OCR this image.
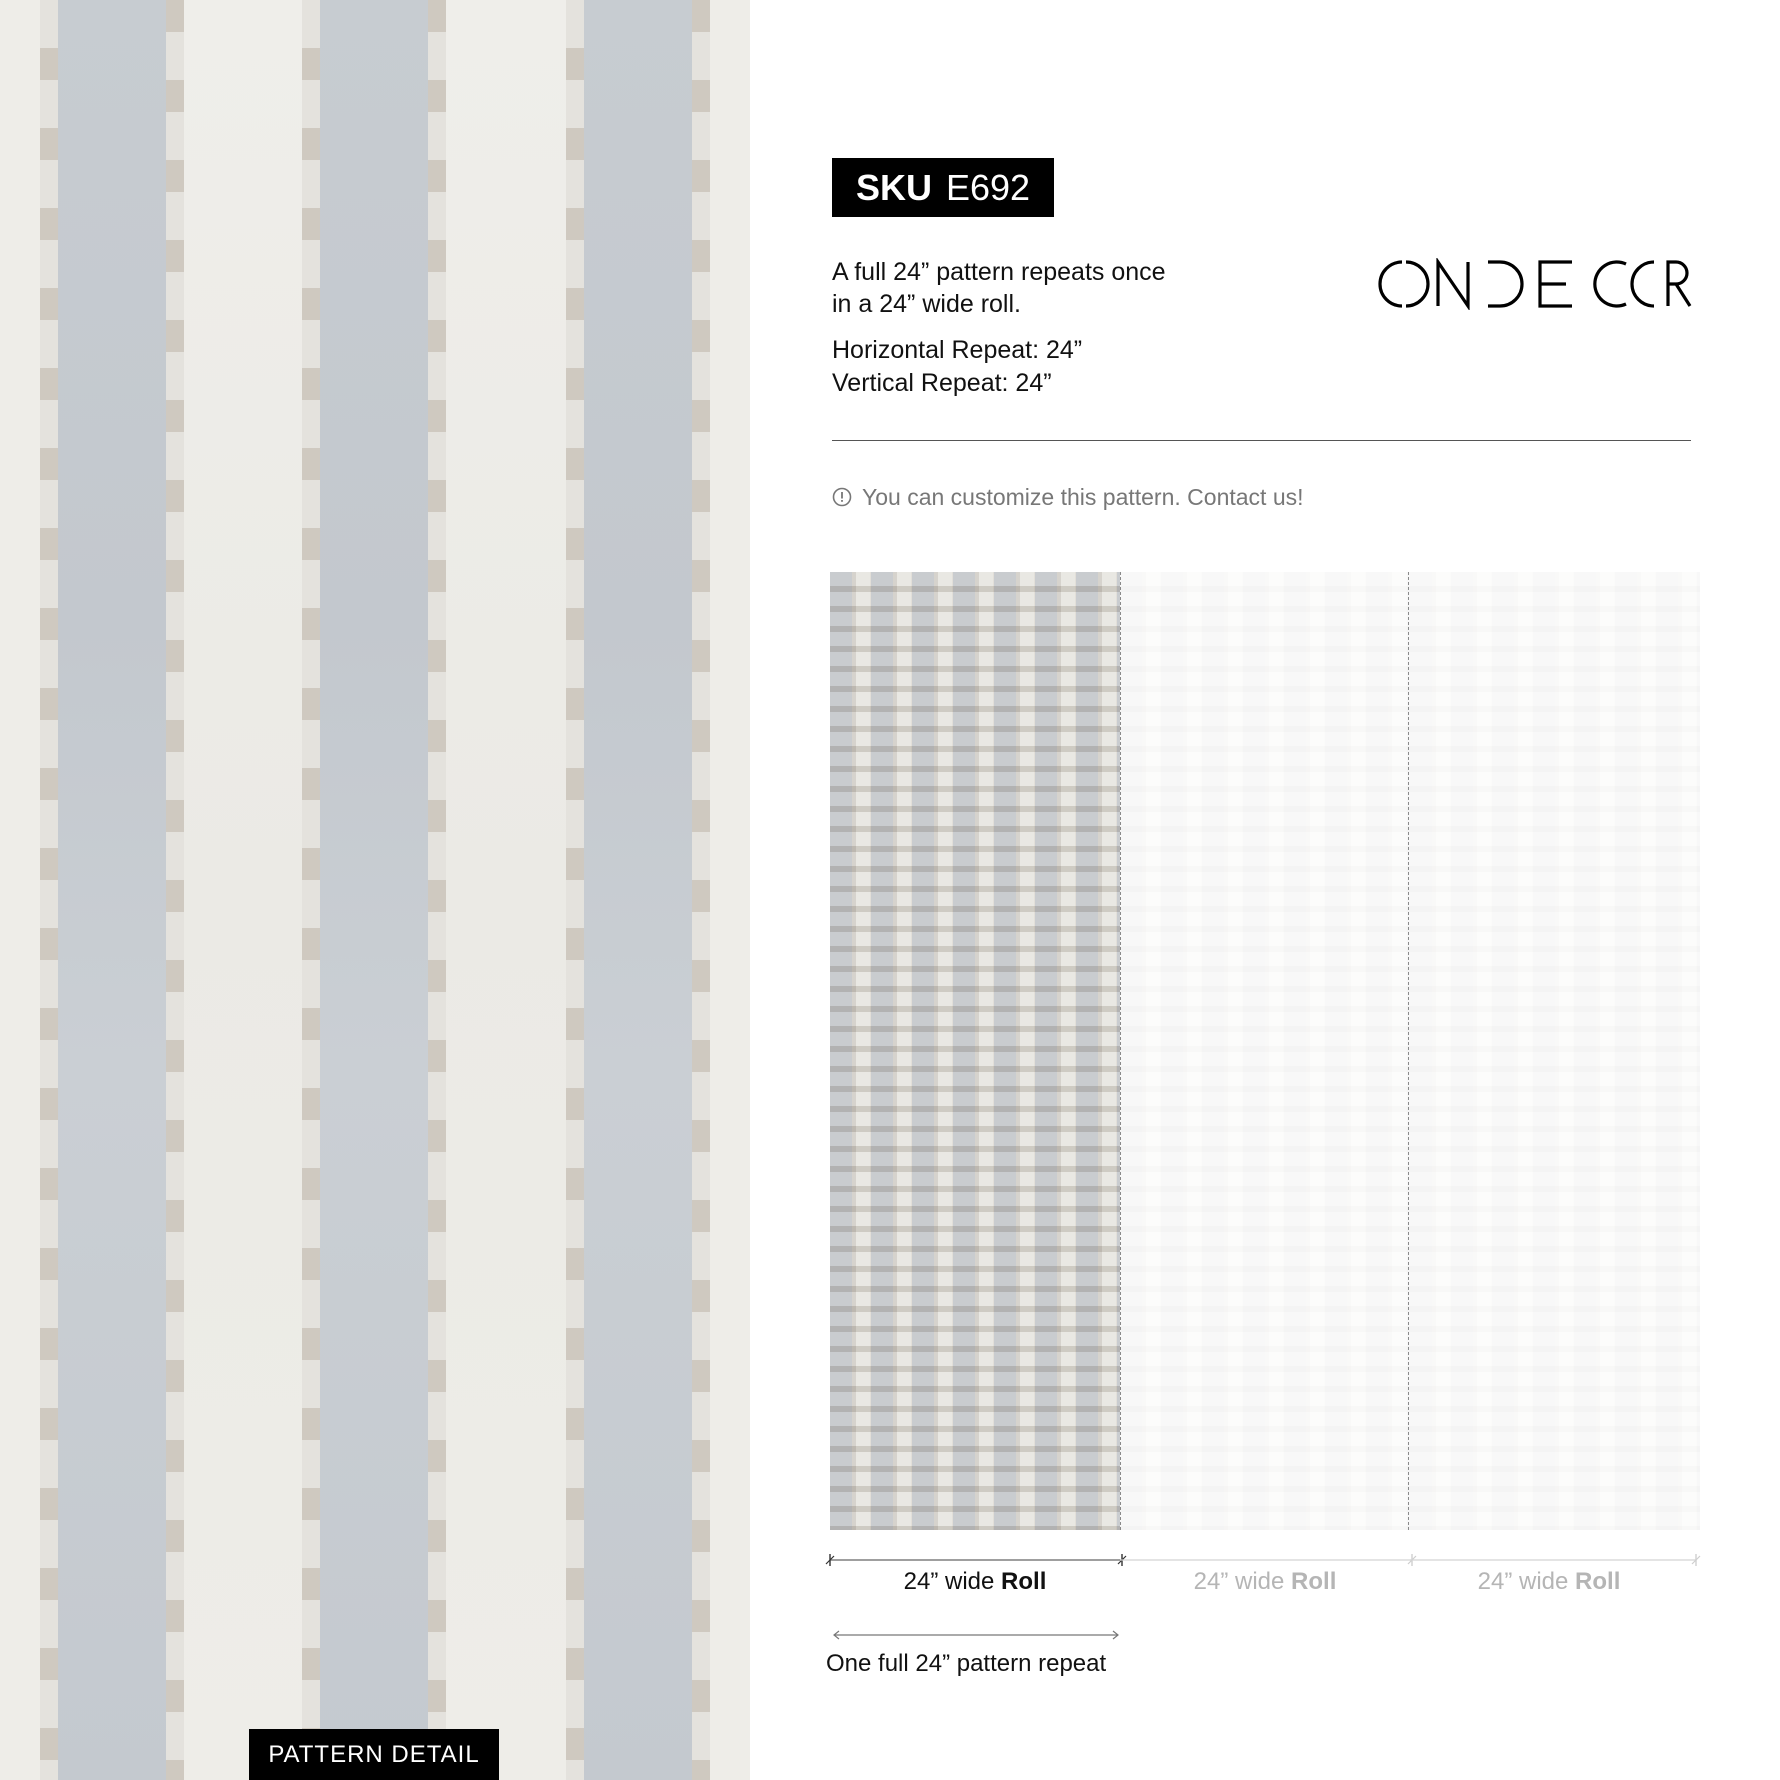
PATTERN DETAIL
SKU E692
A full 24” pattern repeats once
in a 24” wide roll.
Horizontal Repeat: 24”
Vertical Repeat: 24”
You can customize this pattern. Contact us!
24” wide Roll	24” wide Roll	24” wide Roll
One full 24” pattern repeat
